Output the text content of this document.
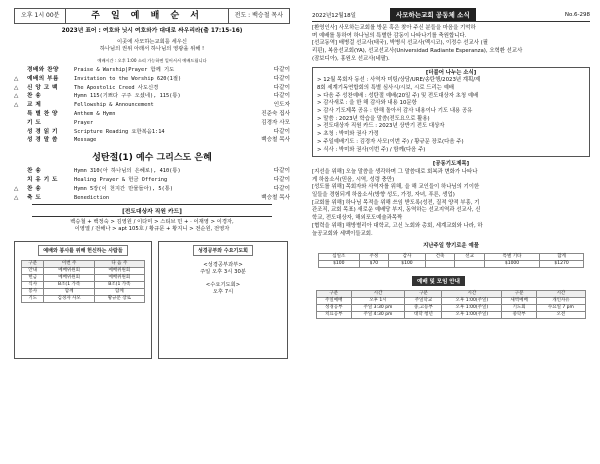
오후 1시 00분	주 일 예 배 순 서	전도 : 백승철 목사
2023년 표어 : 여호와 닛시 여호와가 대대로 싸우리라(출 17:15-16)
이곳에 사모하는교회를 세우신
하나님의 권위 아래서 하나님의 영광을 위해 !
예배시간 : 오후 1:00 소리 가능하면 일어서서 예배드립니다
경배와 찬양	Praise & Warship|Prayer 함께 기도	다같이
△	예배의 부름	Invitation to the Worship 620(1절)	다같이
△	신 앙 고 백	The Apostolic Creed 사도신경	다같이
△	찬 송	Hymn 115(기쁘다 구주 오셨네), 115(통)	다같이
△	교 제	Fellowship & Announcement	인도자
특 별 찬 양	Anthem & Hymn	진준숙 집사
기 도	Prayer	김경자 사모
성 경 읽 기	Scripture Reading 요한복음1:14	다같이
성 경 말 씀	Message	백승철 목사
성탄절(1) 예수 그리스도 은혜
찬 송	Hymn 310(아 하나님의 은혜로), 410(통)	다같이
치 유 기 도	Healing Prayer & 헌금 Offering	다같이
△	찬 송	Hymn 5장(이 천지간 만물들아), 5(통)	다같이
△	축 도	Benediction	백승철 목사
[전도대상자 직원 카드]
백승철 + 백정숙 > 김영원 / 이다미 > 스티브 민 + · 이재영 > 이경자,
이영열 / 전해나 > apt 105호 / 황규문 + 황지니 > 전순원, 전영자
예배와 봉사를 위해 헌신하는 사람들
구분	이번 주	다 음 주
안내	예배위원회	예배위원회
헌금	예배위원회	예배위원회
식사	B조(1 가족	B조(1 가족
봉사	함께	함께
기도	김경자 사모	황규문 장로
성경공부와 수요기도회
<성경공부과부>
주일 오후 3시 30분
<수요기도회>
오후 7시
2022년12월18일	사모하는교회 공동체 소식	No.6-298
[환영인사] 사모하는교회를 방문 혹은 찾아 주신 분들을 마음을 기억하
며 예배를 통하여 하나님의 특별한 감동이 나타나기를 축원합니다.
[선교동역] 배병걸 선교사(태국), 박병식 선교사(멕시코), 이정수 선교사 (필
리핀), 복음선교회(YA), 선교선교사(Universidad Radiante Esperanza), 오혁환 선교사
(잠보디아), 홍원오 선교사(네팔).
[더불어 나누는 소식]
> 12월 목회자 동선 : 사역자 미팅/상담/URE/송탄행/2023년 계획/제
8회 세계기독연합회의 특별 심사시/시보, 시로 드리는 예배
> 다음 주 성찬예배 : 성탄절 예배(20일 주) 및 전도대상자 초청 예배
> 감사새로 : 을 한 해 감사와 내용 10문항
> 감사 기도제목 공유 : 한해 돌아서 감사 내용이나 기도 내용 공유
> 말씀 : 2023년 학습을 말씀(전도요으로 활용)
> 전도대상자 직원 카드 : 2023년 상반기 전도 대상자
> 초청 : 박미와 권사 가정
> 주일예배기도 : 김경자 사모(이번 주) / 황규문 장로(다음 주)
> 식사 : 박미와 권사(이번 주) / 함께(다음 주)
[공동기도제목]
[지선을 위해] 오늘 말씀을 생각하며 그 말씀대로 회복과 변화가 나타나
게 하옵소서(믿음, 시역, 성령 충만)
[성도를 위해] 목회자와 사역자를 위해, 을 해 교인들이 하나님의 기이한
일들을 경험되게 하옵소서(방향 성도, 가정, 자녀, 푸른, 생업)
[교회를 위해] 하나님 목적을 위해 쓰임 받도록(성전, 질적 양적 부흥, 기
관조직, 교회 목표) 새로운 예배당 부지, 동역하는 선교지역과 선교사, 신
학교, 전도대상자, 해외포도예술과목짝
[협력을 위해] 해방별리아 대학교, 고신 노회와 총회, 세계교회와 나라, 하
늘공교회와 세백이들교회.
지난주일 향기로운 예물
십일조	주정	감사	건축	선교	특별 기타	합계
$100	$70	$100			$1000	$1270
예배 및 모임 안내
구분	시간	구분	시간	구분	시간
주일예배	오후 1시	주일학교	오후 1:00(주일)	새벽예배	개인자유
성경공부	주일 3:30 pm	중,고등부	오후 1:00(주일)	기도회	수요일 7 pm
치료공부	주일 4:30 pm	대학 청년	오후 1:00(주일)	중학부	오전
